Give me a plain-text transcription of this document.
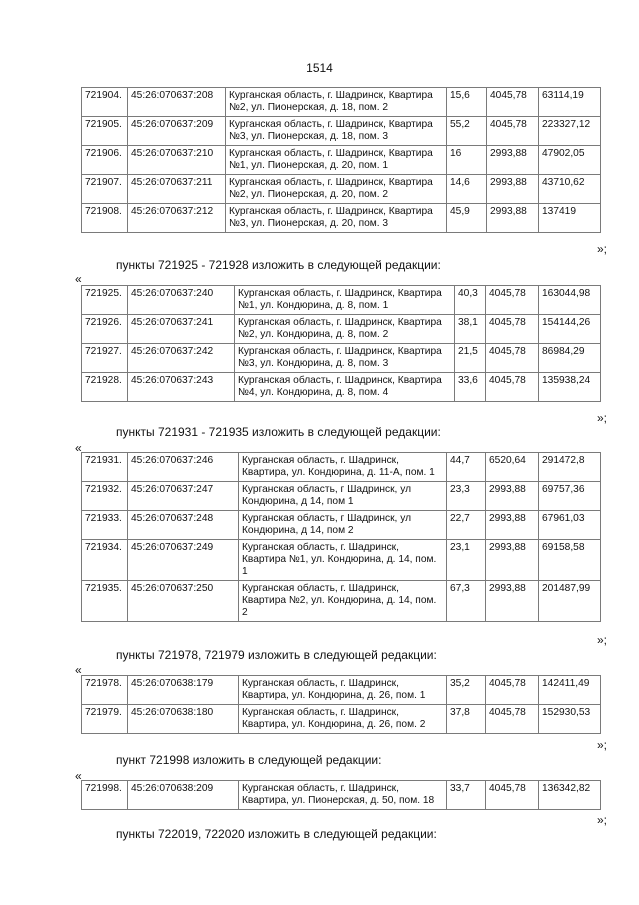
1514
721904.	45:26:070637:208	Курганская область, г. Шадринск, Квартира №2, ул. Пионерская, д. 18, пом. 2	15,6	4045,78	63114,19
721905.	45:26:070637:209	Курганская область, г. Шадринск, Квартира №3, ул. Пионерская, д. 18, пом. 3	55,2	4045,78	223327,12
721906.	45:26:070637:210	Курганская область, г. Шадринск, Квартира №1, ул. Пионерская, д. 20, пом. 1	16	2993,88	47902,05
721907.	45:26:070637:211	Курганская область, г. Шадринск, Квартира №2, ул. Пионерская, д. 20, пом. 2	14,6	2993,88	43710,62
721908.	45:26:070637:212	Курганская область, г. Шадринск, Квартира №3, ул. Пионерская, д. 20, пом. 3	45,9	2993,88	137419
»;
пункты 721925 - 721928 изложить в следующей редакции:
«
721925.	45:26:070637:240	Курганская область, г. Шадринск, Квартира №1, ул. Кондюрина, д. 8, пом. 1	40,3	4045,78	163044,98
721926.	45:26:070637:241	Курганская область, г. Шадринск, Квартира №2, ул. Кондюрина, д. 8, пом. 2	38,1	4045,78	154144,26
721927.	45:26:070637:242	Курганская область, г. Шадринск, Квартира №3, ул. Кондюрина, д. 8, пом. 3	21,5	4045,78	86984,29
721928.	45:26:070637:243	Курганская область, г. Шадринск, Квартира №4, ул. Кондюрина, д. 8, пом. 4	33,6	4045,78	135938,24
»;
пункты 721931 - 721935 изложить в следующей редакции:
«
721931.	45:26:070637:246	Курганская область, г. Шадринск, Квартира, ул. Кондюрина, д. 11-А, пом. 1	44,7	6520,64	291472,8
721932.	45:26:070637:247	Курганская область, г Шадринск, ул Кондюрина, д 14, пом 1	23,3	2993,88	69757,36
721933.	45:26:070637:248	Курганская область, г Шадринск, ул Кондюрина, д 14, пом 2	22,7	2993,88	67961,03
721934.	45:26:070637:249	Курганская область, г. Шадринск, Квартира №1, ул. Кондюрина, д. 14, пом. 1	23,1	2993,88	69158,58
721935.	45:26:070637:250	Курганская область, г. Шадринск, Квартира №2, ул. Кондюрина, д. 14, пом. 2	67,3	2993,88	201487,99
»;
пункты 721978, 721979 изложить в следующей редакции:
«
721978.	45:26:070638:179	Курганская область, г. Шадринск, Квартира, ул. Кондюрина, д. 26, пом. 1	35,2	4045,78	142411,49
721979.	45:26:070638:180	Курганская область, г. Шадринск, Квартира, ул. Кондюрина, д. 26, пом. 2	37,8	4045,78	152930,53
»;
пункт 721998 изложить в следующей редакции:
«
721998.	45:26:070638:209	Курганская область, г. Шадринск, Квартира, ул. Пионерская, д. 50, пом. 18	33,7	4045,78	136342,82
»;
пункты 722019, 722020 изложить в следующей редакции:
